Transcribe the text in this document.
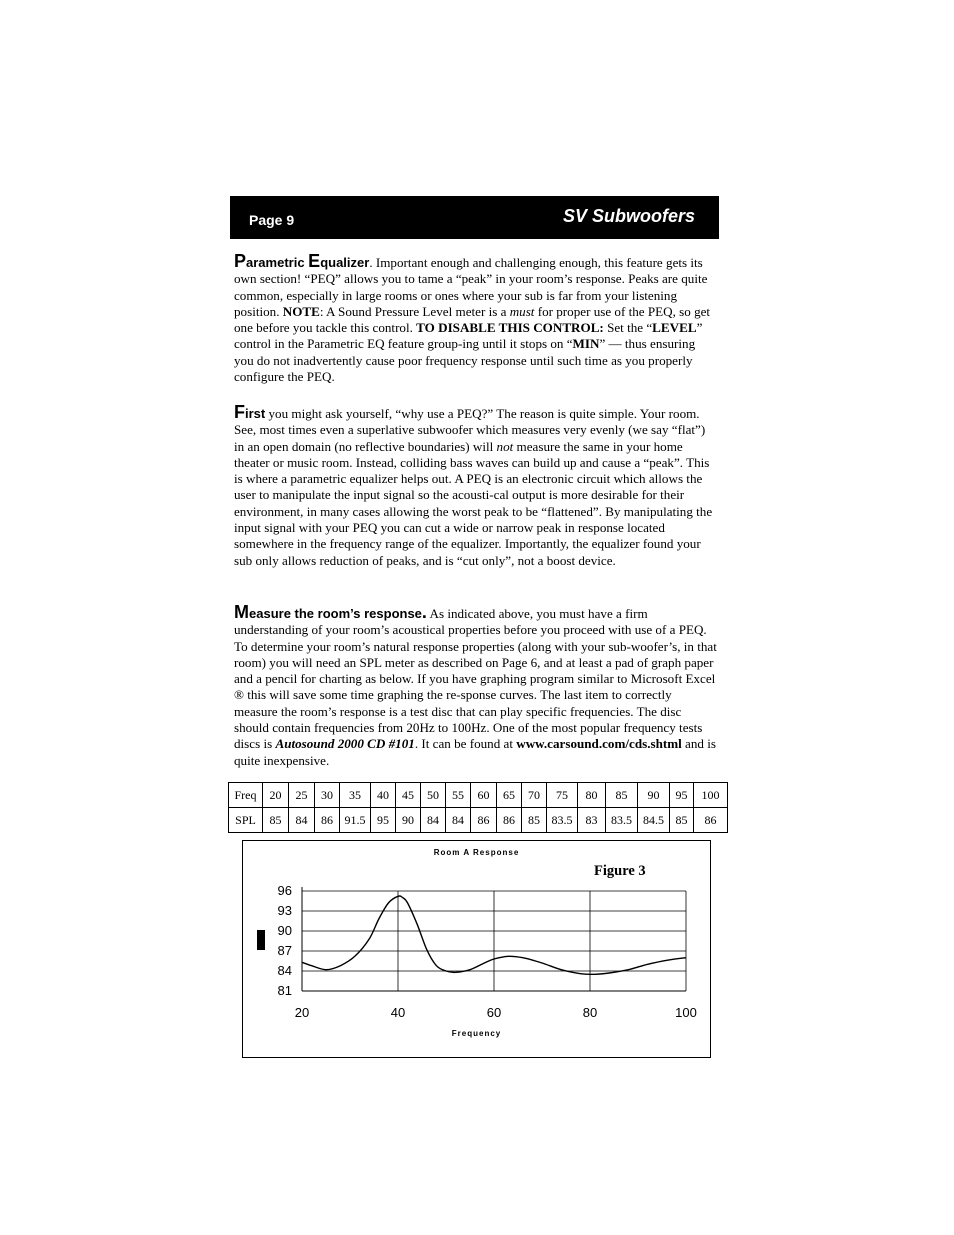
Page 9	SV Subwoofers

Parametric Equalizer. Important enough and challenging enough, this feature gets its own section! “PEQ” allows you to tame a “peak” in your room’s response. Peaks are quite common, especially in large rooms or ones where your sub is far from your listening position. NOTE: A Sound Pressure Level meter is a must for proper use of the PEQ, so get one before you tackle this control. TO DISABLE THIS CONTROL: Set the “LEVEL” control in the Parametric EQ feature group-ing until it stops on “MIN” — thus ensuring you do not inadvertently cause poor frequency response until such time as you properly configure the PEQ.

First you might ask yourself, “why use a PEQ?” The reason is quite simple. Your room. See, most times even a superlative subwoofer which measures very evenly (we say “flat”) in an open domain (no reflective boundaries) will not measure the same in your home theater or music room. Instead, colliding bass waves can build up and cause a “peak”. This is where a parametric equalizer helps out. A PEQ is an electronic circuit which allows the user to manipulate the input signal so the acousti-cal output is more desirable for their environment, in many cases allowing the worst peak to be “flattened”. By manipulating the input signal with your PEQ you can cut a wide or narrow peak in response located somewhere in the frequency range of the equalizer. Importantly, the equalizer found your sub only allows reduction of peaks, and is “cut only”, not a boost device.

Measure the room’s response. As indicated above, you must have a firm understanding of your room’s acoustical properties before you proceed with use of a PEQ. To determine your room’s natural response properties (along with your sub-woofer’s, in that room) you will need an SPL meter as described on Page 6, and at least a pad of graph paper and a pencil for charting as below. If you have graphing program similar to Microsoft Excel ® this will save some time graphing the re-sponse curves. The last item to correctly measure the room’s response is a test disc that can play specific frequencies. The disc should contain frequencies from 20Hz to 100Hz. One of the most popular frequency tests discs is Autosound 2000 CD #101. It can be found at www.carsound.com/cds.shtml and is quite inexpensive.

Freq	20	25	30	35	40	45	50	55	60	65	70	75	80	85	90	95	100
SPL	85	84	86	91.5	95	90	84	84	86	86	85	83.5	83	83.5	84.5	85	86
Room A Response
Figure 3
96
93
90
87
84
81
20	40	60	80	100
Frequency
